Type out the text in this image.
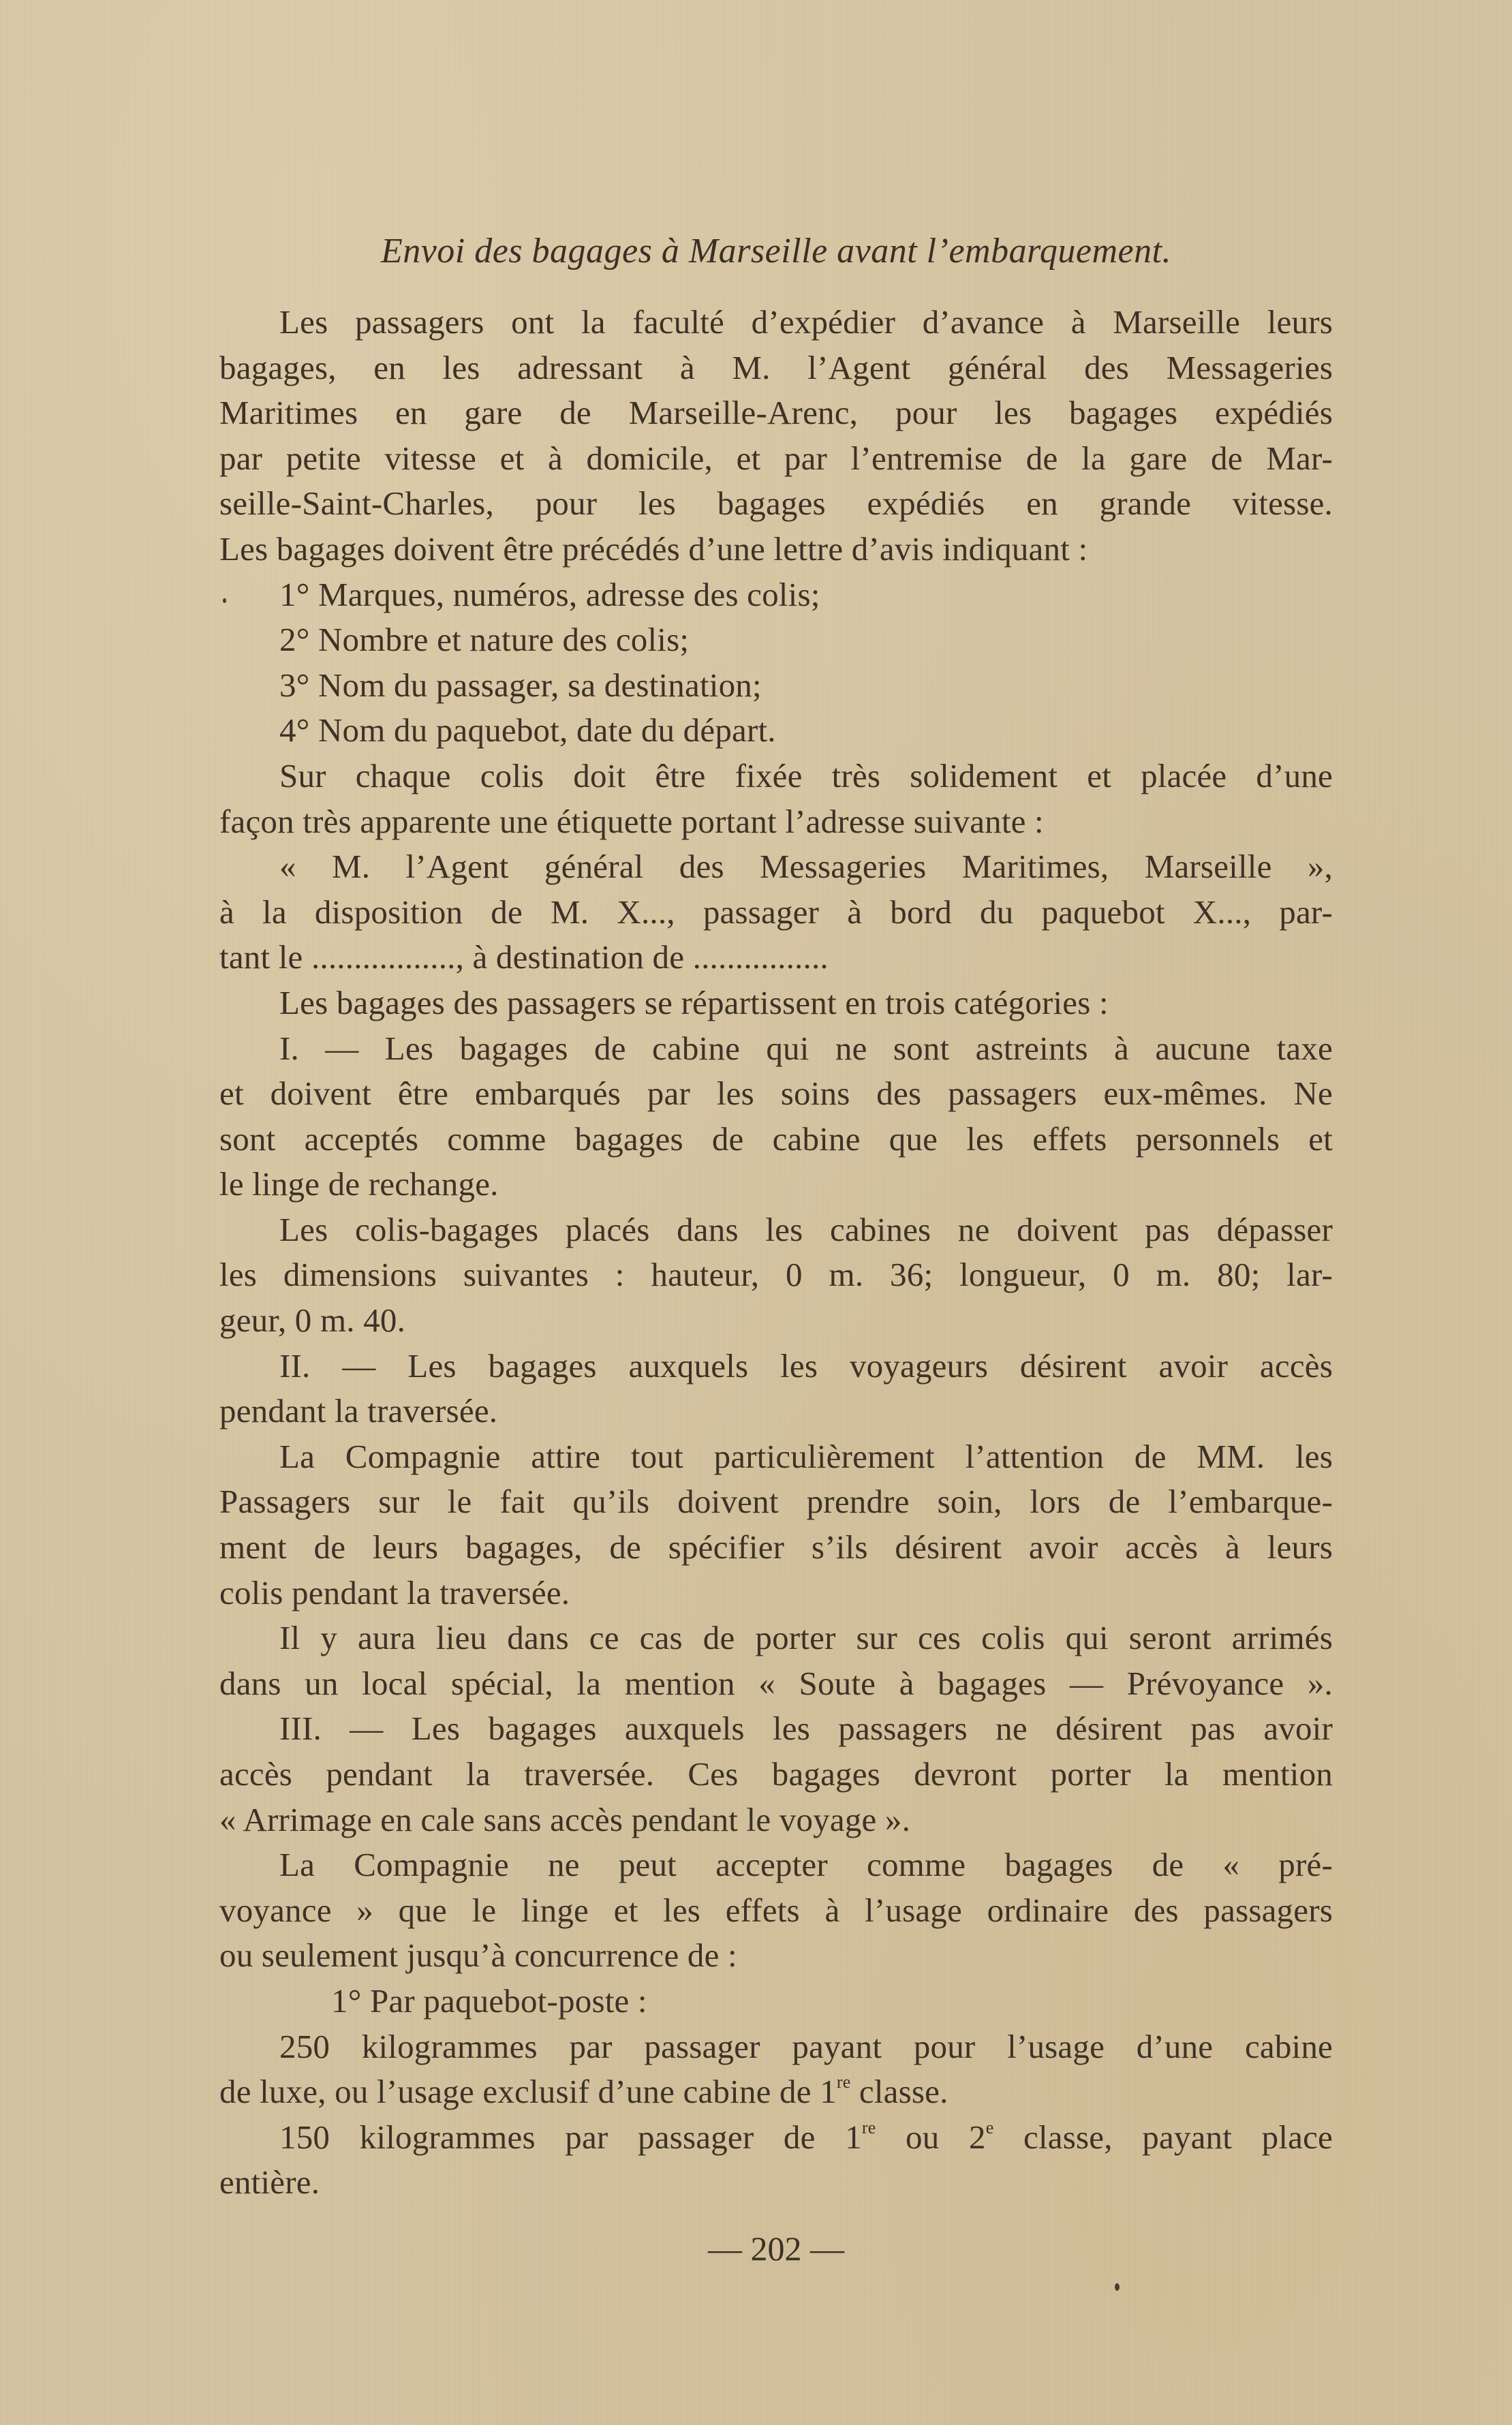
Envoi des bagages à Marseille avant l’embarquement.
Les passagers ont la faculté d’expédier d’avance à Marseille leurs
bagages, en les adressant à M. l’Agent général des Messageries
Maritimes en gare de Marseille-Arenc, pour les bagages expédiés
par petite vitesse et à domicile, et par l’entremise de la gare de Mar-
seille-Saint-Charles, pour les bagages expédiés en grande vitesse.
Les bagages doivent être précédés d’une lettre d’avis indiquant :
1° Marques, numéros, adresse des colis;
2° Nombre et nature des colis;
3° Nom du passager, sa destination;
4° Nom du paquebot, date du départ.
Sur chaque colis doit être fixée très solidement et placée d’une
façon très apparente une étiquette portant l’adresse suivante :
« M. l’Agent général des Messageries Maritimes, Marseille »,
à la disposition de M. X..., passager à bord du paquebot X..., par-
tant le ................., à destination de ................
Les bagages des passagers se répartissent en trois catégories :
I. — Les bagages de cabine qui ne sont astreints à aucune taxe
et doivent être embarqués par les soins des passagers eux-mêmes. Ne
sont acceptés comme bagages de cabine que les effets personnels et
le linge de rechange.
Les colis-bagages placés dans les cabines ne doivent pas dépasser
les dimensions suivantes : hauteur, 0 m. 36; longueur, 0 m. 80; lar-
geur, 0 m. 40.
II. — Les bagages auxquels les voyageurs désirent avoir accès
pendant la traversée.
La Compagnie attire tout particulièrement l’attention de MM. les
Passagers sur le fait qu’ils doivent prendre soin, lors de l’embarque-
ment de leurs bagages, de spécifier s’ils désirent avoir accès à leurs
colis pendant la traversée.
Il y aura lieu dans ce cas de porter sur ces colis qui seront arrimés
dans un local spécial, la mention « Soute à bagages — Prévoyance ».
III. — Les bagages auxquels les passagers ne désirent pas avoir
accès pendant la traversée. Ces bagages devront porter la mention
« Arrimage en cale sans accès pendant le voyage ».
La Compagnie ne peut accepter comme bagages de « pré-
voyance » que le linge et les effets à l’usage ordinaire des passagers
ou seulement jusqu’à concurrence de :
1° Par paquebot-poste :
250 kilogrammes par passager payant pour l’usage d’une cabine
de luxe, ou l’usage exclusif d’une cabine de 1re classe.
150 kilogrammes par passager de 1re ou 2e classe, payant place
entière.
— 202 —
